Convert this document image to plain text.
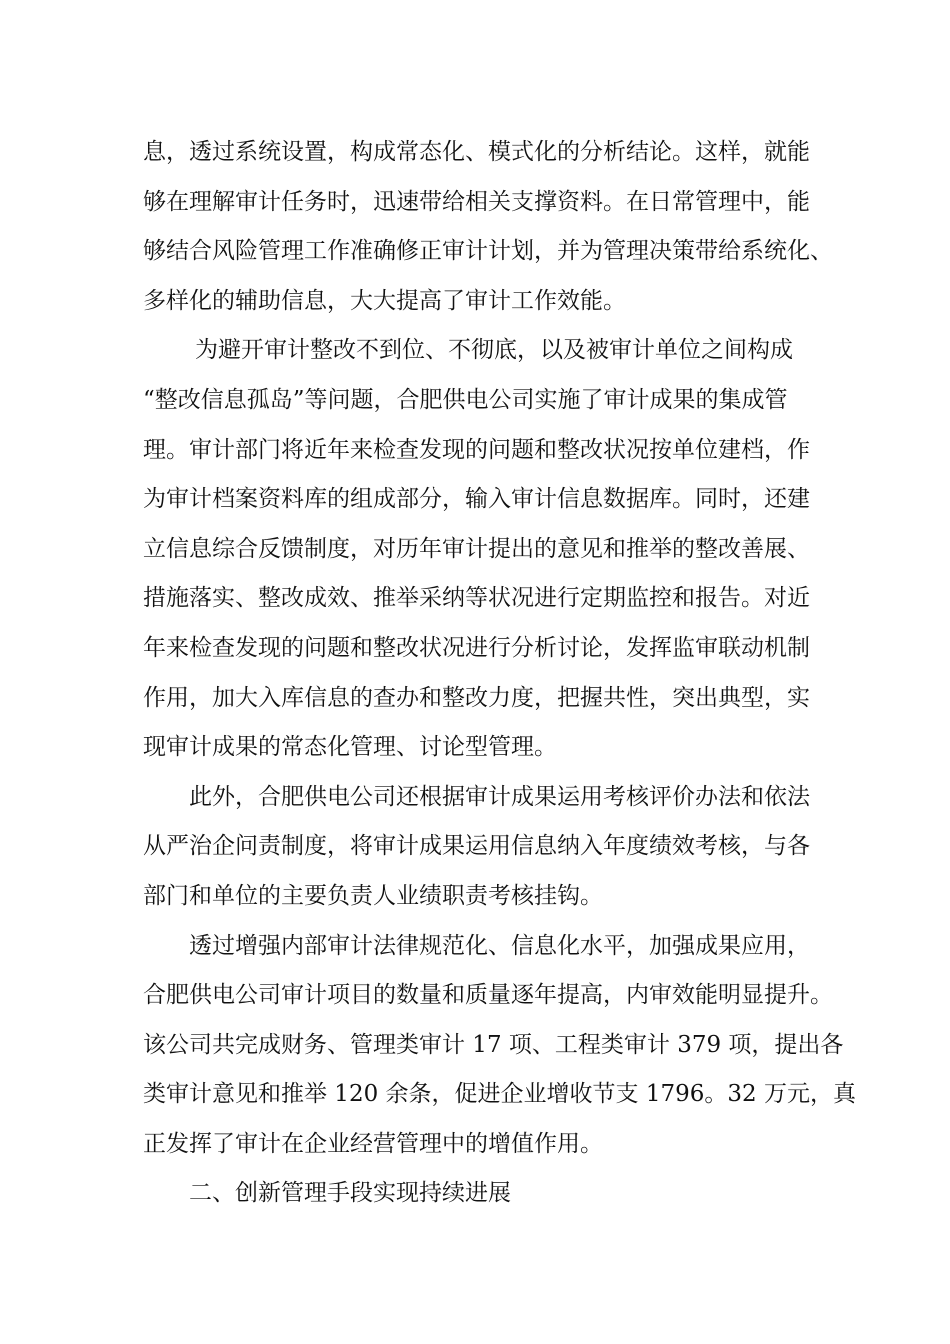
息，透过系统设置，构成常态化、模式化的分析结论。这样，就能
够在理解审计任务时，迅速带给相关支撑资料。在日常管理中，能
够结合风险管理工作准确修正审计计划，并为管理决策带给系统化、
多样化的辅助信息，大大提高了审计工作效能。
为避开审计整改不到位、不彻底，以及被审计单位之间构成
“整改信息孤岛”等问题，合肥供电公司实施了审计成果的集成管
理。审计部门将近年来检查发现的问题和整改状况按单位建档，作
为审计档案资料库的组成部分，输入审计信息数据库。同时，还建
立信息综合反馈制度，对历年审计提出的意见和推举的整改善展、
措施落实、整改成效、推举采纳等状况进行定期监控和报告。对近
年来检查发现的问题和整改状况进行分析讨论，发挥监审联动机制
作用，加大入库信息的查办和整改力度，把握共性，突出典型，实
现审计成果的常态化管理、讨论型管理。
此外，合肥供电公司还根据审计成果运用考核评价办法和依法
从严治企问责制度，将审计成果运用信息纳入年度绩效考核，与各
部门和单位的主要负责人业绩职责考核挂钩。
透过增强内部审计法律规范化、信息化水平，加强成果应用，
合肥供电公司审计项目的数量和质量逐年提高，内审效能明显提升。
该公司共完成财务、管理类审计 17 项、工程类审计 379 项，提出各
类审计意见和推举 120 余条，促进企业增收节支 1796。32 万元，真
正发挥了审计在企业经营管理中的增值作用。
二、创新管理手段实现持续进展
